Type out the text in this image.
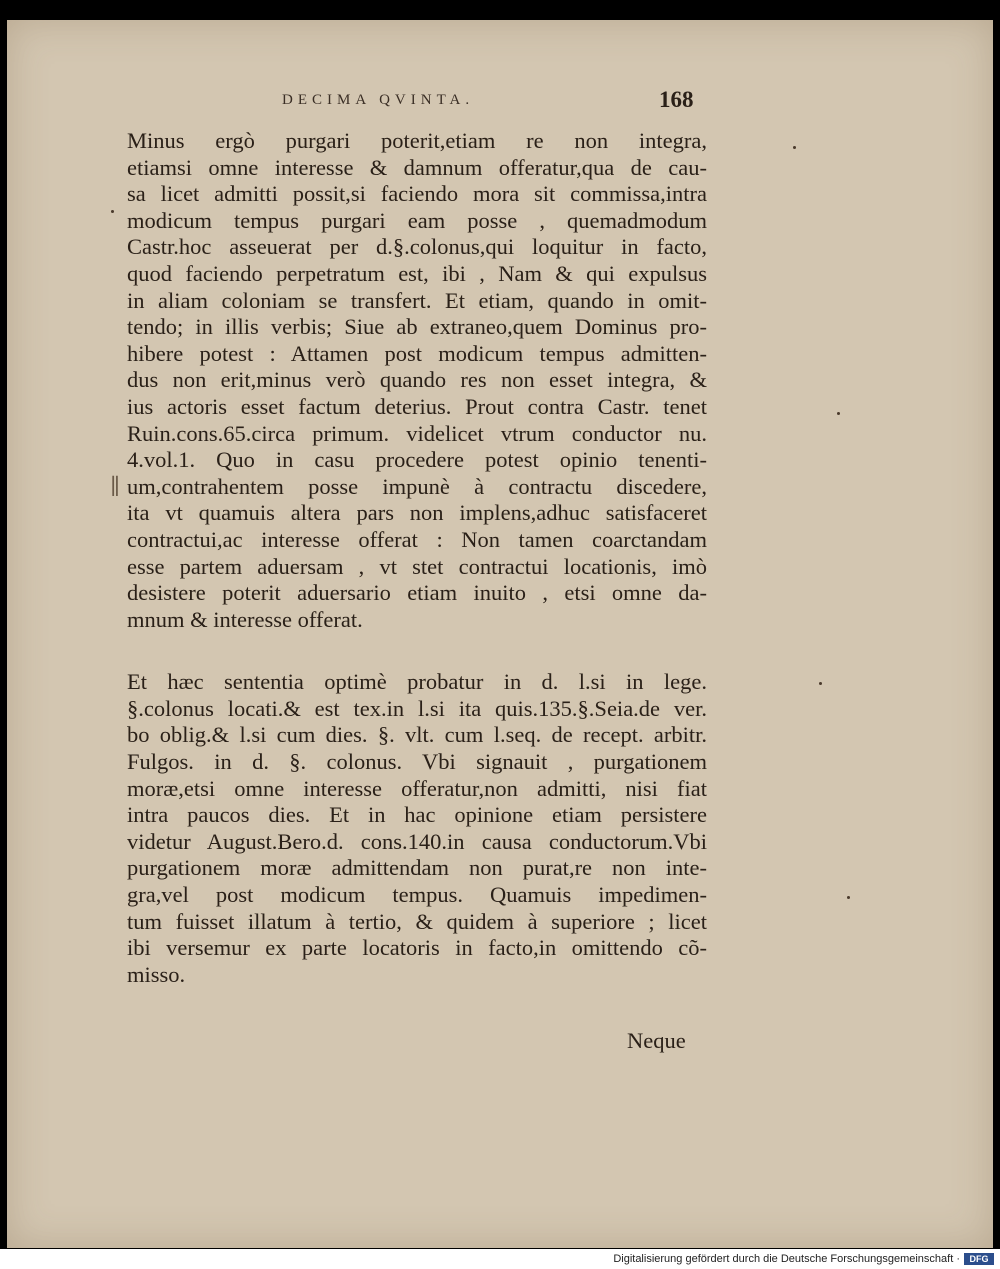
DECIMA QVINTA.	168
Minus ergò purgari poterit,etiam re non integra,
etiamsi omne interesse & damnum offeratur,qua de cau-
sa licet admitti possit,si faciendo mora sit commissa,intra
modicum tempus purgari eam posse , quemadmodum
Castr.hoc asseuerat per d.§.colonus,qui loquitur in facto,
quod faciendo perpetratum est, ibi , Nam & qui expulsus
in aliam coloniam se transfert. Et etiam, quando in omit-
tendo; in illis verbis; Siue ab extraneo,quem Dominus pro-
hibere potest : Attamen post modicum tempus admitten-
dus non erit,minus verò quando res non esset integra, &
ius actoris esset factum deterius. Prout contra Castr. tenet
Ruin.cons.65.circa primum. videlicet vtrum conductor nu.
4.vol.1. Quo in casu procedere potest opinio tenenti-
um,contrahentem posse impunè à contractu discedere,
ita vt quamuis altera pars non implens,adhuc satisfaceret
contractui,ac interesse offerat : Non tamen coarctandam
esse partem aduersam , vt stet contractui locationis, imò
desistere poterit aduersario etiam inuito , etsi omne da-
mnum & interesse offerat.
Et hæc sententia optimè probatur in d. l.si in lege.
§.colonus locati.& est tex.in l.si ita quis.135.§.Seia.de ver.
bo oblig.& l.si cum dies. §. vlt. cum l.seq. de recept. arbitr.
Fulgos. in d. §. colonus. Vbi signauit , purgationem
moræ,etsi omne interesse offeratur,non admitti, nisi fiat
intra paucos dies. Et in hac opinione etiam persistere
videtur August.Bero.d. cons.140.in causa conductorum.Vbi
purgationem moræ admittendam non purat,re non inte-
gra,vel post modicum tempus. Quamuis impedimen-
tum fuisset illatum à tertio, & quidem à superiore ; licet
ibi versemur ex parte locatoris in facto,in omittendo cõ-
misso.
∥
Neque
Digitalisierung gefördert durch die Deutsche Forschungsgemeinschaft ·	DFG
